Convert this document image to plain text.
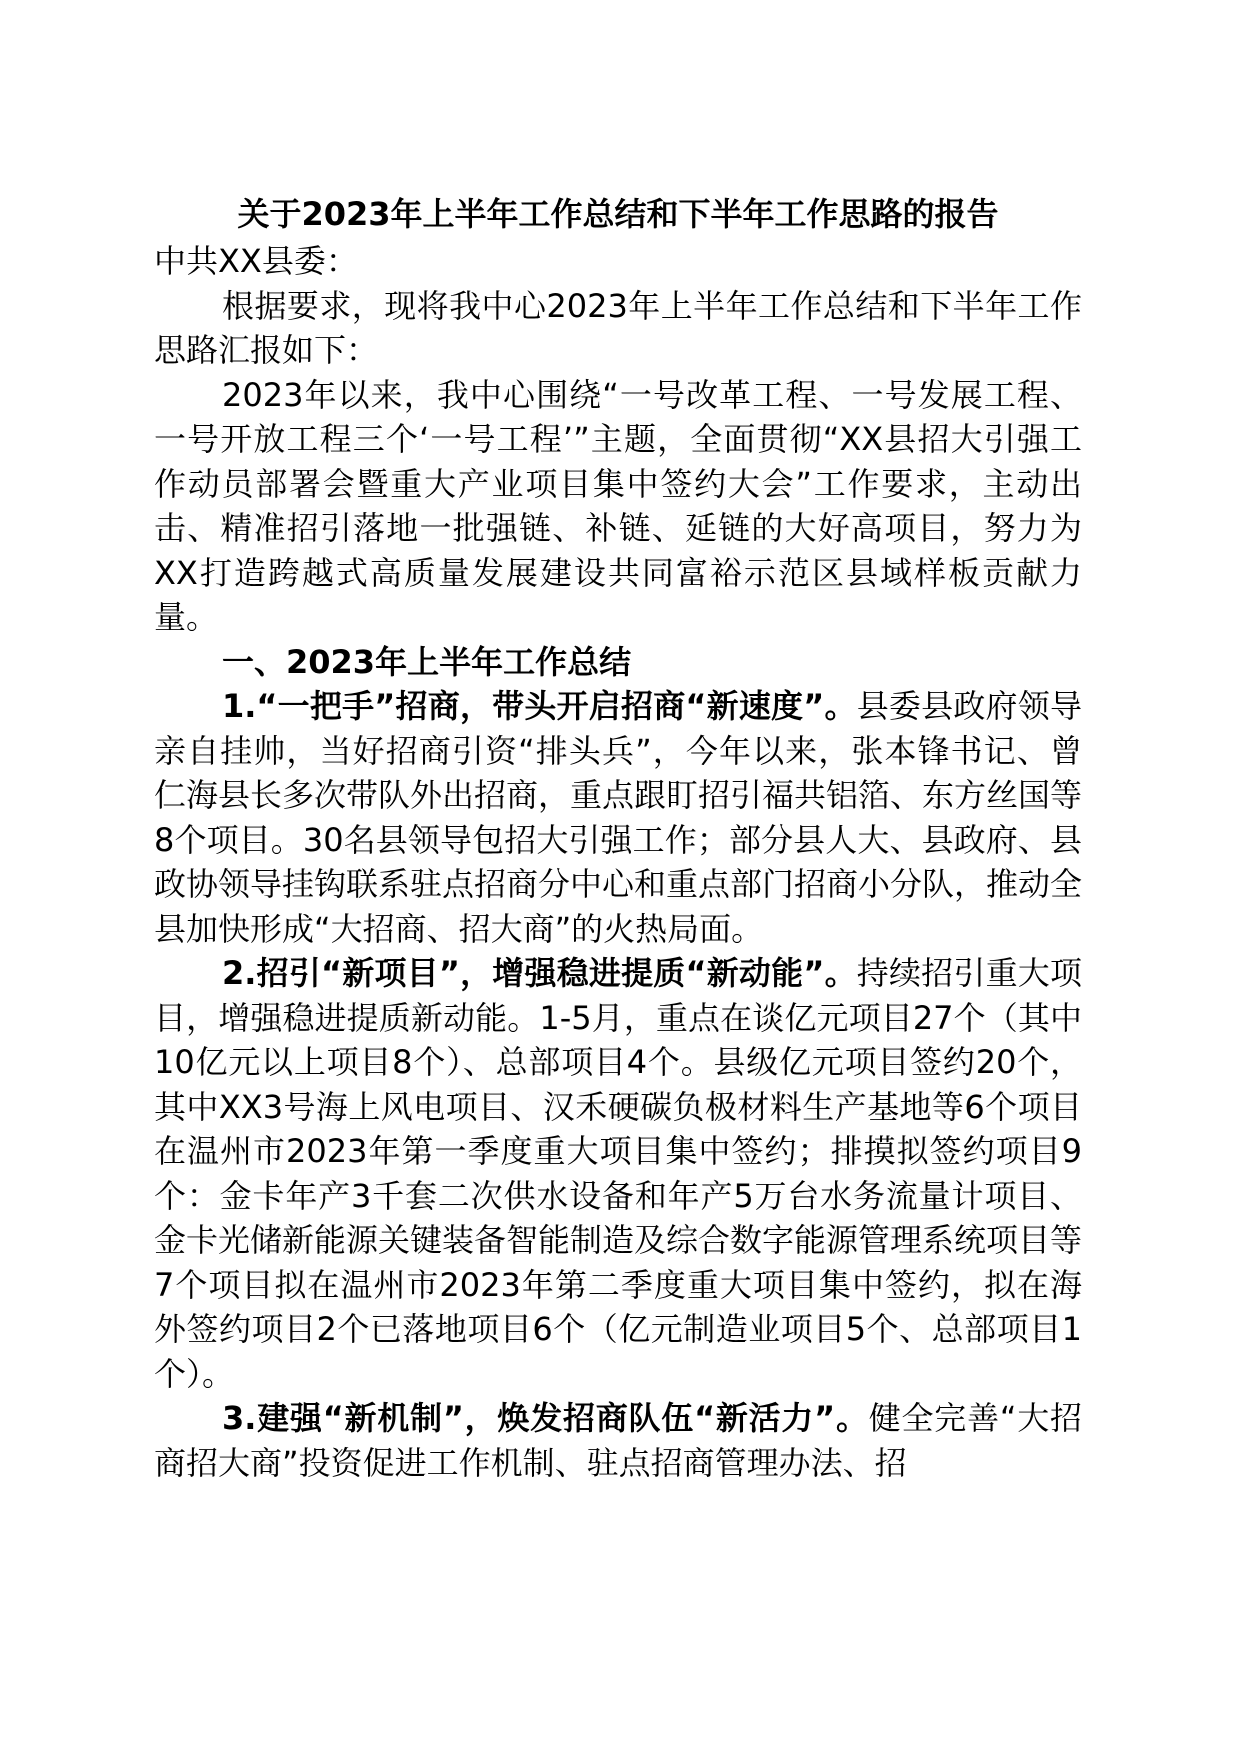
关于2023年上半年工作总结和下半年工作思路的报告
中共XX县委：
根据要求，现将我中心2023年上半年工作总结和下半年工作思路汇报如下：
2023年以来，我中心围绕“一号改革工程、一号发展工程、一号开放工程三个‘一号工程’”主题，全面贯彻“XX县招大引强工作动员部署会暨重大产业项目集中签约大会”工作要求，主动出击、精准招引落地一批强链、补链、延链的大好高项目，努力为XX打造跨越式高质量发展建设共同富裕示范区县域样板贡献力量。
一、2023年上半年工作总结
1.“一把手”招商，带头开启招商“新速度”。县委县政府领导亲自挂帅，当好招商引资“排头兵”，今年以来，张本锋书记、曾仁海县长多次带队外出招商，重点跟盯招引福共铝箔、东方丝国等8个项目。30名县领导包招大引强工作；部分县人大、县政府、县政协领导挂钩联系驻点招商分中心和重点部门招商小分队，推动全县加快形成“大招商、招大商”的火热局面。
2.招引“新项目”，增强稳进提质“新动能”。持续招引重大项目，增强稳进提质新动能。1-5月，重点在谈亿元项目27个（其中10亿元以上项目8个）、总部项目4个。县级亿元项目签约20个，其中XX3号海上风电项目、汉禾硬碳负极材料生产基地等6个项目在温州市2023年第一季度重大项目集中签约；排摸拟签约项目9个：金卡年产3千套二次供水设备和年产5万台水务流量计项目、金卡光储新能源关键装备智能制造及综合数字能源管理系统项目等7个项目拟在温州市2023年第二季度重大项目集中签约，拟在海外签约项目2个已落地项目6个（亿元制造业项目5个、总部项目1个）。
3.建强“新机制”，焕发招商队伍“新活力”。健全完善“大招商招大商”投资促进工作机制、驻点招商管理办法、招
